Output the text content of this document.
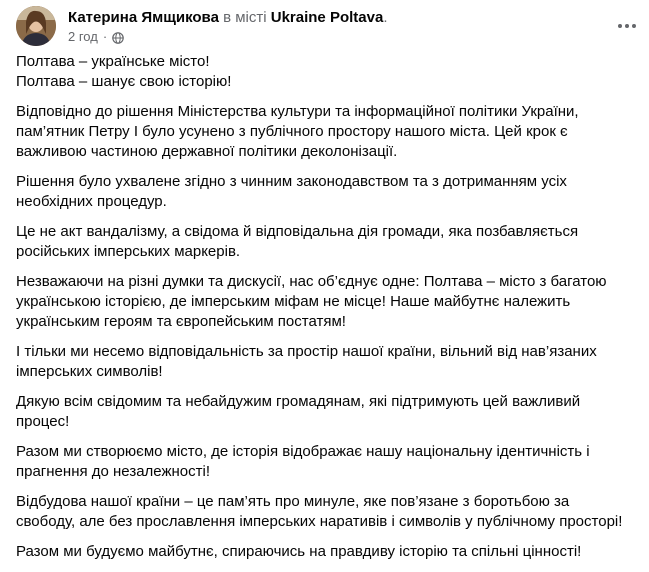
Катерина Ямщикова в місті Ukraine Poltava.
2 год ·

Полтава – українське місто!
Полтава – шанує свою історію!

Відповідно до рішення Міністерства культури та інформаційної політики України, пам’ятник Петру І було усунено з публічного простору нашого міста. Цей крок є важливою частиною державної політики деколонізації.

Рішення було ухвалене згідно з чинним законодавством та з дотриманням усіх необхідних процедур.

Це не акт вандалізму, а свідома й відповідальна дія громади, яка позбавляється російських імперських маркерів.

Незважаючи на різні думки та дискусії, нас об’єднує одне: Полтава – місто з багатою українською історією, де імперським міфам не місце! Наше майбутнє належить українським героям та європейським постатям!

І тільки ми несемо відповідальність за простір нашої країни, вільний від нав’язаних імперських символів!

Дякую всім свідомим та небайдужим громадянам, які підтримують цей важливий процес!

Разом ми створюємо місто, де історія відображає нашу національну ідентичність і прагнення до незалежності!

Відбудова нашої країни – це пам’ять про минуле, яке пов’язане з боротьбою за свободу, але без прославлення імперських наративів і символів у публічному просторі!

Разом ми будуємо майбутнє, спираючись на правдиву історію та спільні цінності!
